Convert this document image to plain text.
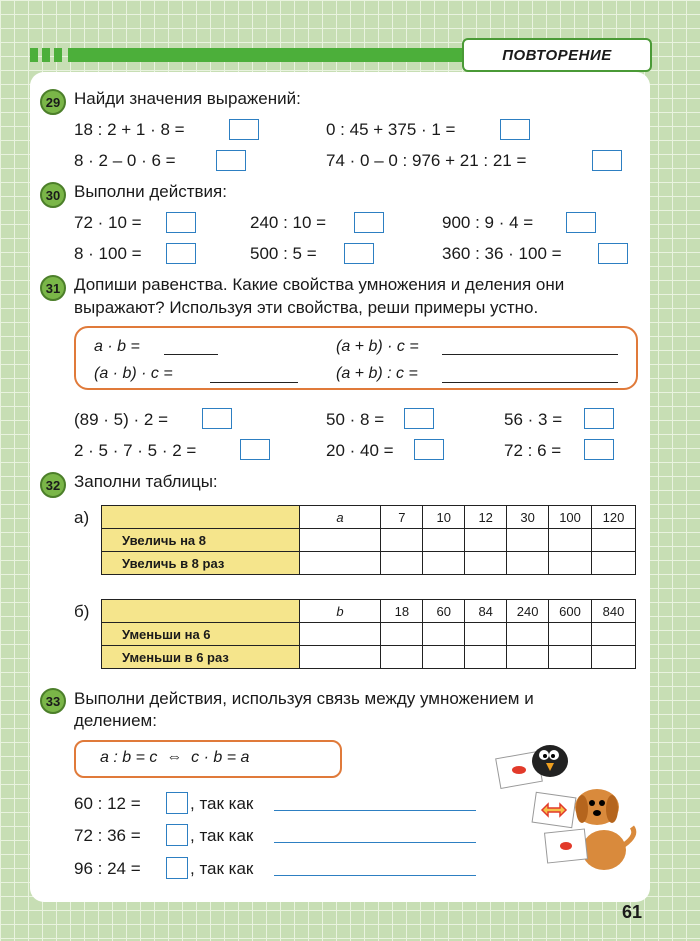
ПОВТОРЕНИЕ
29 Найди значения выражений:
18 : 2 + 1 · 8 =	0 : 45 + 375 · 1 =
8 · 2 – 0 · 6 =	74 · 0 – 0 : 976 + 21 : 21 =
30 Выполни действия:
72 · 10 =	240 : 10 =	900 : 9 · 4 =
8 · 100 =	500 : 5 =	360 : 36 · 100 =
31 Допиши равенства. Какие свойства умножения и деления они
выражают? Используя эти свойства, реши примеры устно.
a · b =	(a + b) · c =
(a · b) · c =	(a + b) : c =
(89 · 5) · 2 =	50 · 8 =	56 · 3 =
2 · 5 · 7 · 5 · 2 =	20 · 40 =	72 : 6 =
32 Заполни таблицы:
а)
		a	7	10	12	30	100	120
Увеличь на 8							
Увеличь в 8 раз							
б)
		b	18	60	84	240	600	840
Уменьши на 6							
Уменьши в 6 раз							
33 Выполни действия, используя связь между умножением и
делением:
a : b = c  ⇔  c · b = a
60 : 12 =	, так как
72 : 36 =	, так как
96 : 24 =	, так как
61
